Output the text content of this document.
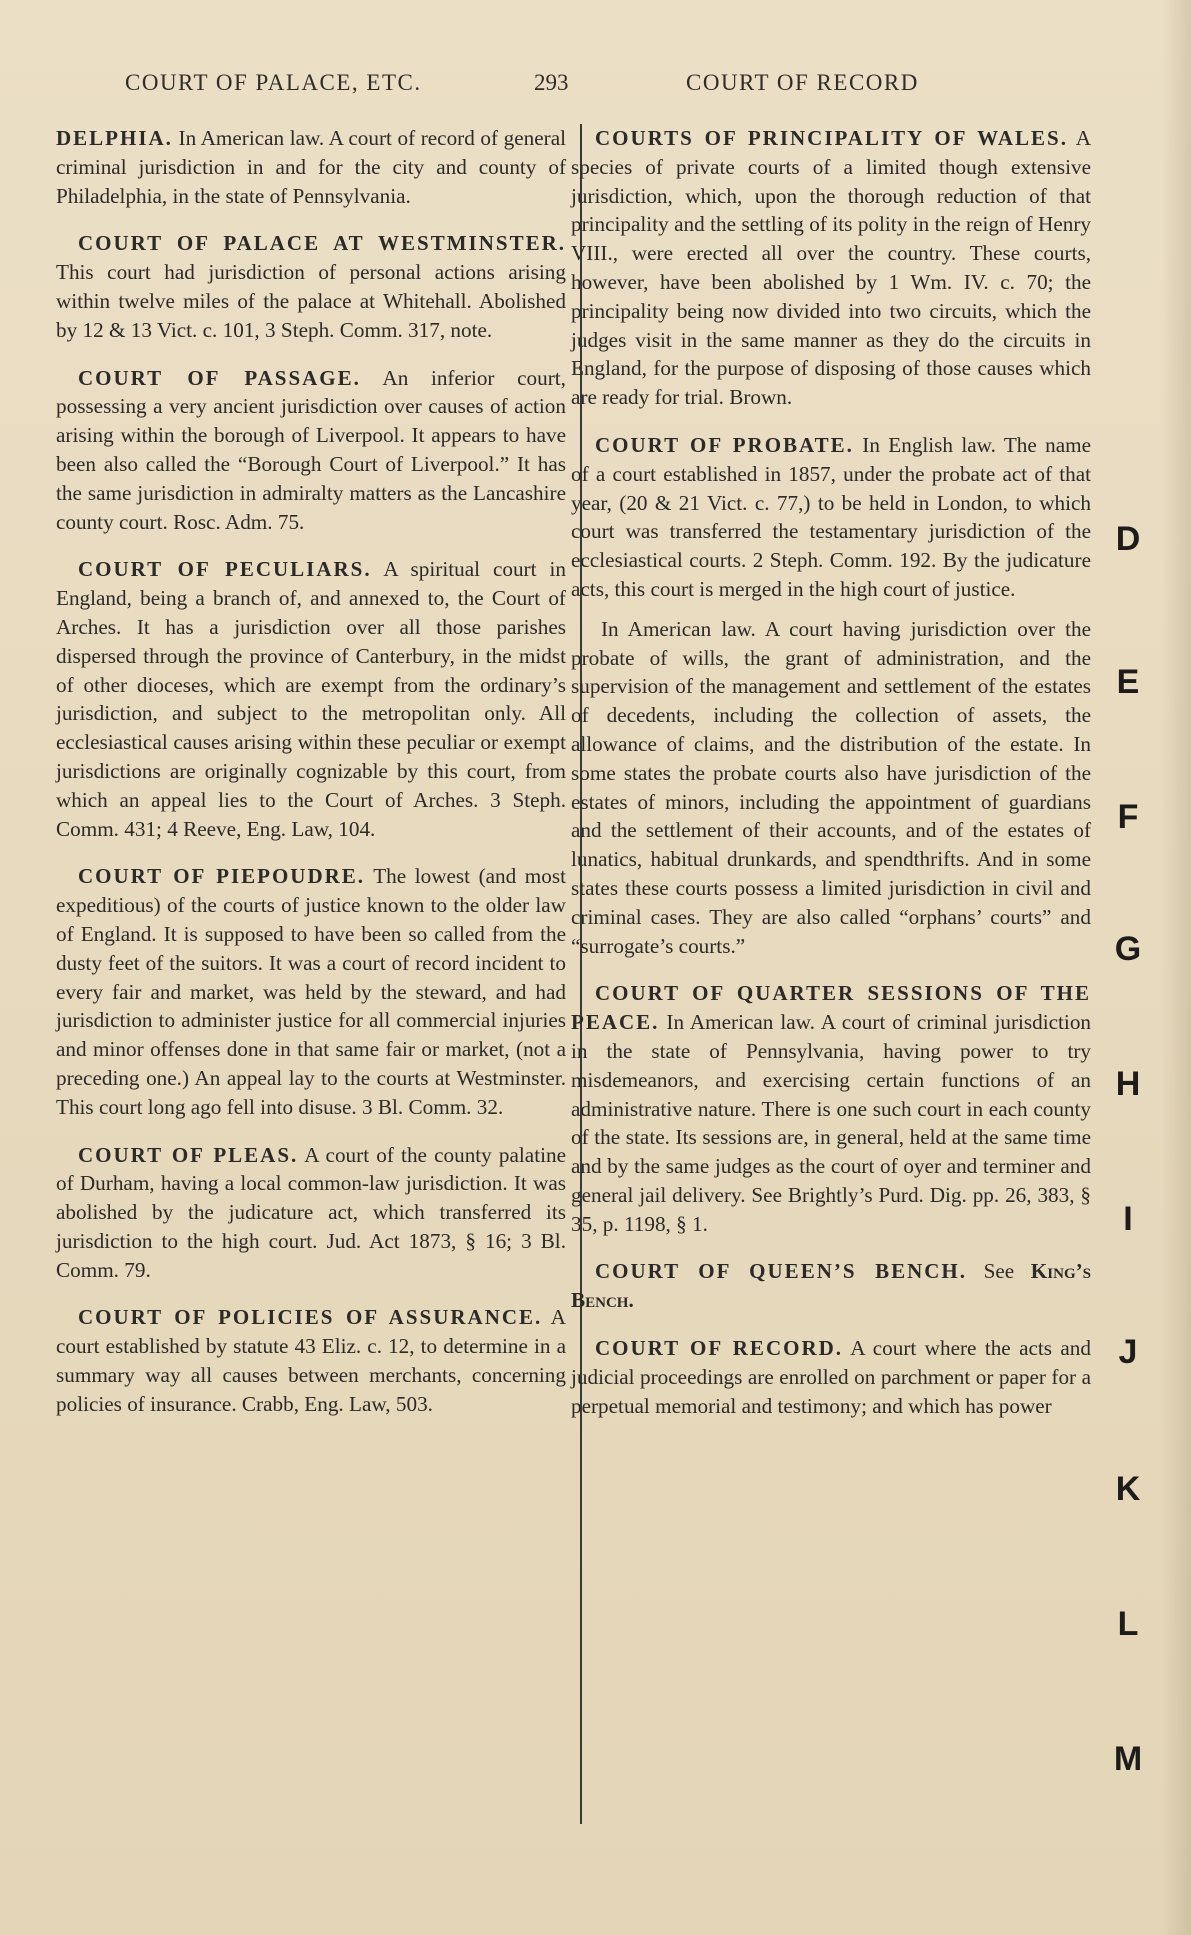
COURT OF PALACE, ETC.	293	COURT OF RECORD

DELPHIA. In American law. A court of record of general criminal jurisdiction in and for the city and county of Philadelphia, in the state of Pennsylvania.

COURT OF PALACE AT WESTMINSTER. This court had jurisdiction of personal actions arising within twelve miles of the palace at Whitehall. Abolished by 12 & 13 Vict. c. 101, 3 Steph. Comm. 317, note.

COURT OF PASSAGE. An inferior court, possessing a very ancient jurisdiction over causes of action arising within the borough of Liverpool. It appears to have been also called the “Borough Court of Liverpool.” It has the same jurisdiction in admiralty matters as the Lancashire county court. Rosc. Adm. 75.

COURT OF PECULIARS. A spiritual court in England, being a branch of, and annexed to, the Court of Arches. It has a jurisdiction over all those parishes dispersed through the province of Canterbury, in the midst of other dioceses, which are exempt from the ordinary’s jurisdiction, and subject to the metropolitan only. All ecclesiastical causes arising within these peculiar or exempt jurisdictions are originally cognizable by this court, from which an appeal lies to the Court of Arches. 3 Steph. Comm. 431; 4 Reeve, Eng. Law, 104.

COURT OF PIEPOUDRE. The lowest (and most expeditious) of the courts of justice known to the older law of England. It is supposed to have been so called from the dusty feet of the suitors. It was a court of record incident to every fair and market, was held by the steward, and had jurisdiction to administer justice for all commercial injuries and minor offenses done in that same fair or market, (not a preceding one.) An appeal lay to the courts at Westminster. This court long ago fell into disuse. 3 Bl. Comm. 32.

COURT OF PLEAS. A court of the county palatine of Durham, having a local common-law jurisdiction. It was abolished by the judicature act, which transferred its jurisdiction to the high court. Jud. Act 1873, § 16; 3 Bl. Comm. 79.

COURT OF POLICIES OF ASSURANCE. A court established by statute 43 Eliz. c. 12, to determine in a summary way all causes between merchants, concerning policies of insurance. Crabb, Eng. Law, 503.

COURTS OF PRINCIPALITY OF WALES. A species of private courts of a limited though extensive jurisdiction, which, upon the thorough reduction of that principality and the settling of its polity in the reign of Henry VIII., were erected all over the country. These courts, however, have been abolished by 1 Wm. IV. c. 70; the principality being now divided into two circuits, which the judges visit in the same manner as they do the circuits in England, for the purpose of disposing of those causes which are ready for trial. Brown.

COURT OF PROBATE. In English law. The name of a court established in 1857, under the probate act of that year, (20 & 21 Vict. c. 77,) to be held in London, to which court was transferred the testamentary jurisdiction of the ecclesiastical courts. 2 Steph. Comm. 192. By the judicature acts, this court is merged in the high court of justice.

In American law. A court having jurisdiction over the probate of wills, the grant of administration, and the supervision of the management and settlement of the estates of decedents, including the collection of assets, the allowance of claims, and the distribution of the estate. In some states the probate courts also have jurisdiction of the estates of minors, including the appointment of guardians and the settlement of their accounts, and of the estates of lunatics, habitual drunkards, and spendthrifts. And in some states these courts possess a limited jurisdiction in civil and criminal cases. They are also called “orphans’ courts” and “surrogate’s courts.”

COURT OF QUARTER SESSIONS OF THE PEACE. In American law. A court of criminal jurisdiction in the state of Pennsylvania, having power to try misdemeanors, and exercising certain functions of an administrative nature. There is one such court in each county of the state. Its sessions are, in general, held at the same time and by the same judges as the court of oyer and terminer and general jail delivery. See Brightly’s Purd. Dig. pp. 26, 383, § 35, p. 1198, § 1.

COURT OF QUEEN’S BENCH. See King’s Bench.

COURT OF RECORD. A court where the acts and judicial proceedings are enrolled on parchment or paper for a perpetual memorial and testimony; and which has power

D
E
F
G
H
I
J
K
L
M
